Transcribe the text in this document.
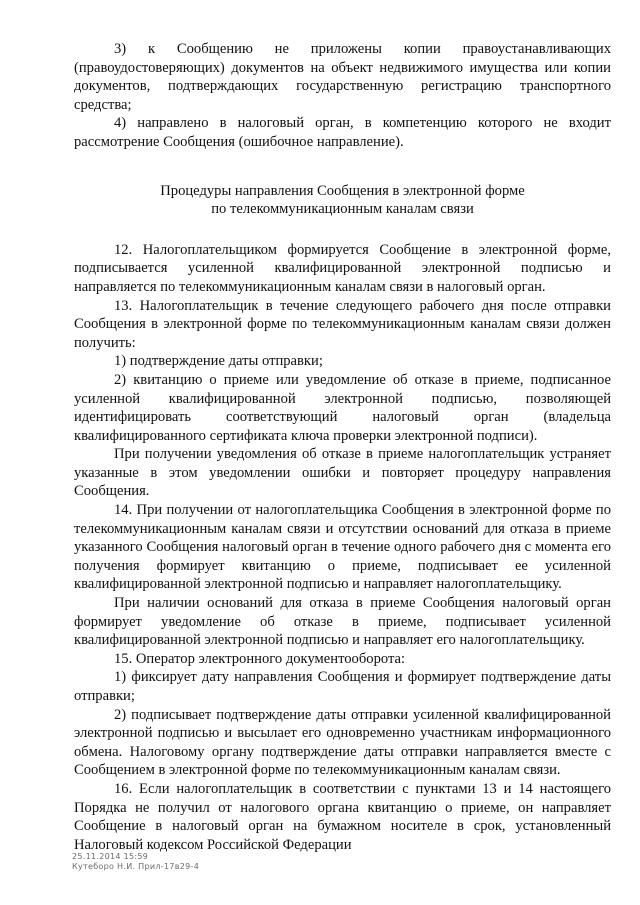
3) к Сообщению не приложены копии правоустанавливающих (правоудостоверяющих) документов на объект недвижимого имущества или копии документов, подтверждающих государственную регистрацию транспортного средства;

4) направлено в налоговый орган, в компетенцию которого не входит рассмотрение Сообщения (ошибочное направление).

Процедуры направления Сообщения в электронной форме
по телекоммуникационным каналам связи

12. Налогоплательщиком формируется Сообщение в электронной форме, подписывается усиленной квалифицированной электронной подписью и направляется по телекоммуникационным каналам связи в налоговый орган.

13. Налогоплательщик в течение следующего рабочего дня после отправки Сообщения в электронной форме по телекоммуникационным каналам связи должен получить:

1) подтверждение даты отправки;

2) квитанцию о приеме или уведомление об отказе в приеме, подписанное усиленной квалифицированной электронной подписью, позволяющей идентифицировать соответствующий налоговый орган (владельца квалифицированного сертификата ключа проверки электронной подписи).

При получении уведомления об отказе в приеме налогоплательщик устраняет указанные в этом уведомлении ошибки и повторяет процедуру направления Сообщения.

14. При получении от налогоплательщика Сообщения в электронной форме по телекоммуникационным каналам связи и отсутствии оснований для отказа в приеме указанного Сообщения налоговый орган в течение одного рабочего дня с момента его получения формирует квитанцию о приеме, подписывает ее усиленной квалифицированной электронной подписью и направляет налогоплательщику.

При наличии оснований для отказа в приеме Сообщения налоговый орган формирует уведомление об отказе в приеме, подписывает усиленной квалифицированной электронной подписью и направляет его налогоплательщику.

15. Оператор электронного документооборота:

1) фиксирует дату направления Сообщения и формирует подтверждение даты отправки;

2) подписывает подтверждение даты отправки усиленной квалифицированной электронной подписью и высылает его одновременно участникам информационного обмена. Налоговому органу подтверждение даты отправки направляется вместе с Сообщением в электронной форме по телекоммуникационным каналам связи.

16. Если налогоплательщик в соответствии с пунктами 13 и 14 настоящего Порядка не получил от налогового органа квитанцию о приеме, он направляет Сообщение в налоговый орган на бумажном носителе в срок, установленный Налоговый кодексом Российской Федерации

25.11.2014 15:59
Кутеборо Н.И. Прил-17в29-4
